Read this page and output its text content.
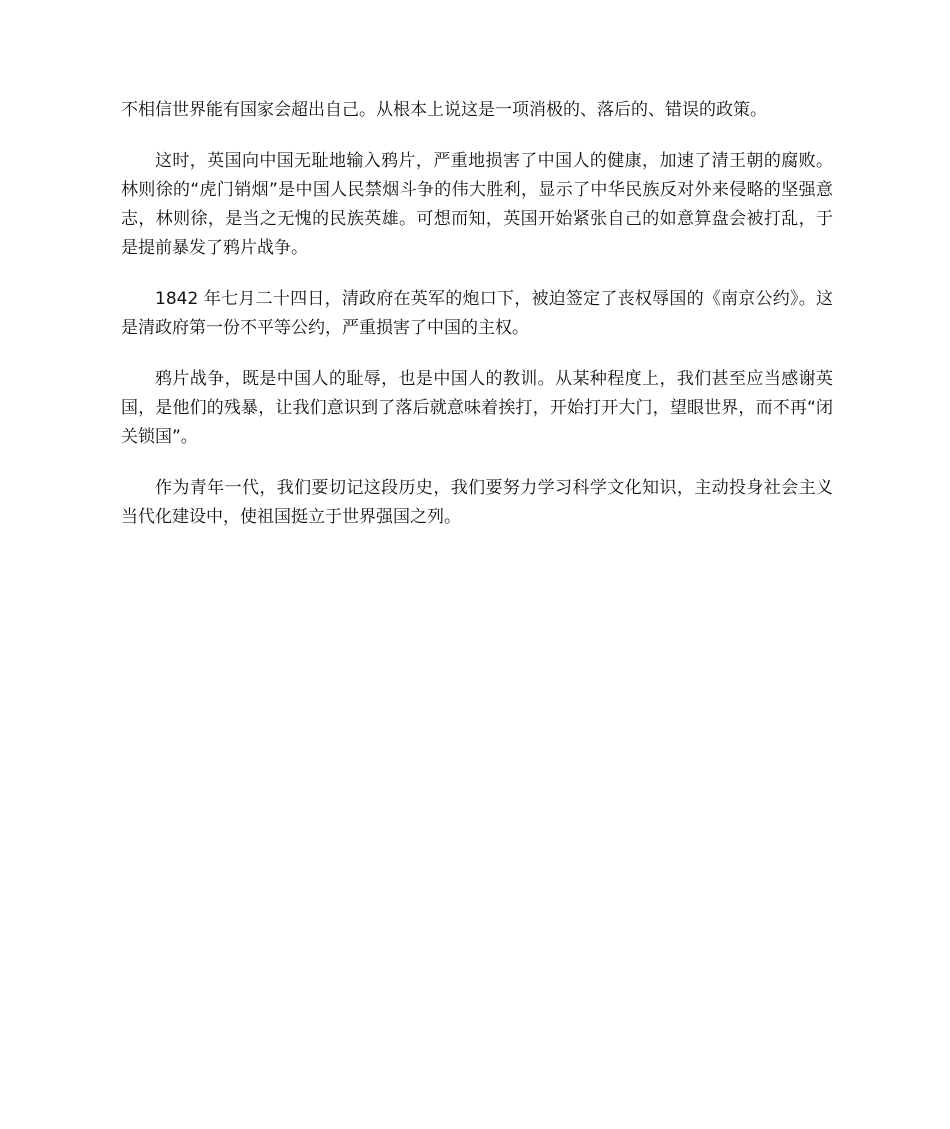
不相信世界能有国家会超出自己。从根本上说这是一项消极的、落后的、错误的政策。

这时，英国向中国无耻地输入鸦片，严重地损害了中国人的健康，加速了清王朝的腐败。林则徐的“虎门销烟”是中国人民禁烟斗争的伟大胜利，显示了中华民族反对外来侵略的坚强意志，林则徐，是当之无愧的民族英雄。可想而知，英国开始紧张自己的如意算盘会被打乱，于是提前暴发了鸦片战争。

1842 年七月二十四日，清政府在英军的炮口下，被迫签定了丧权辱国的《南京公约》。这是清政府第一份不平等公约，严重损害了中国的主权。

鸦片战争，既是中国人的耻辱，也是中国人的教训。从某种程度上，我们甚至应当感谢英国，是他们的残暴，让我们意识到了落后就意味着挨打，开始打开大门，望眼世界，而不再“闭关锁国”。

作为青年一代，我们要切记这段历史，我们要努力学习科学文化知识，主动投身社会主义当代化建设中，使祖国挺立于世界强国之列。
